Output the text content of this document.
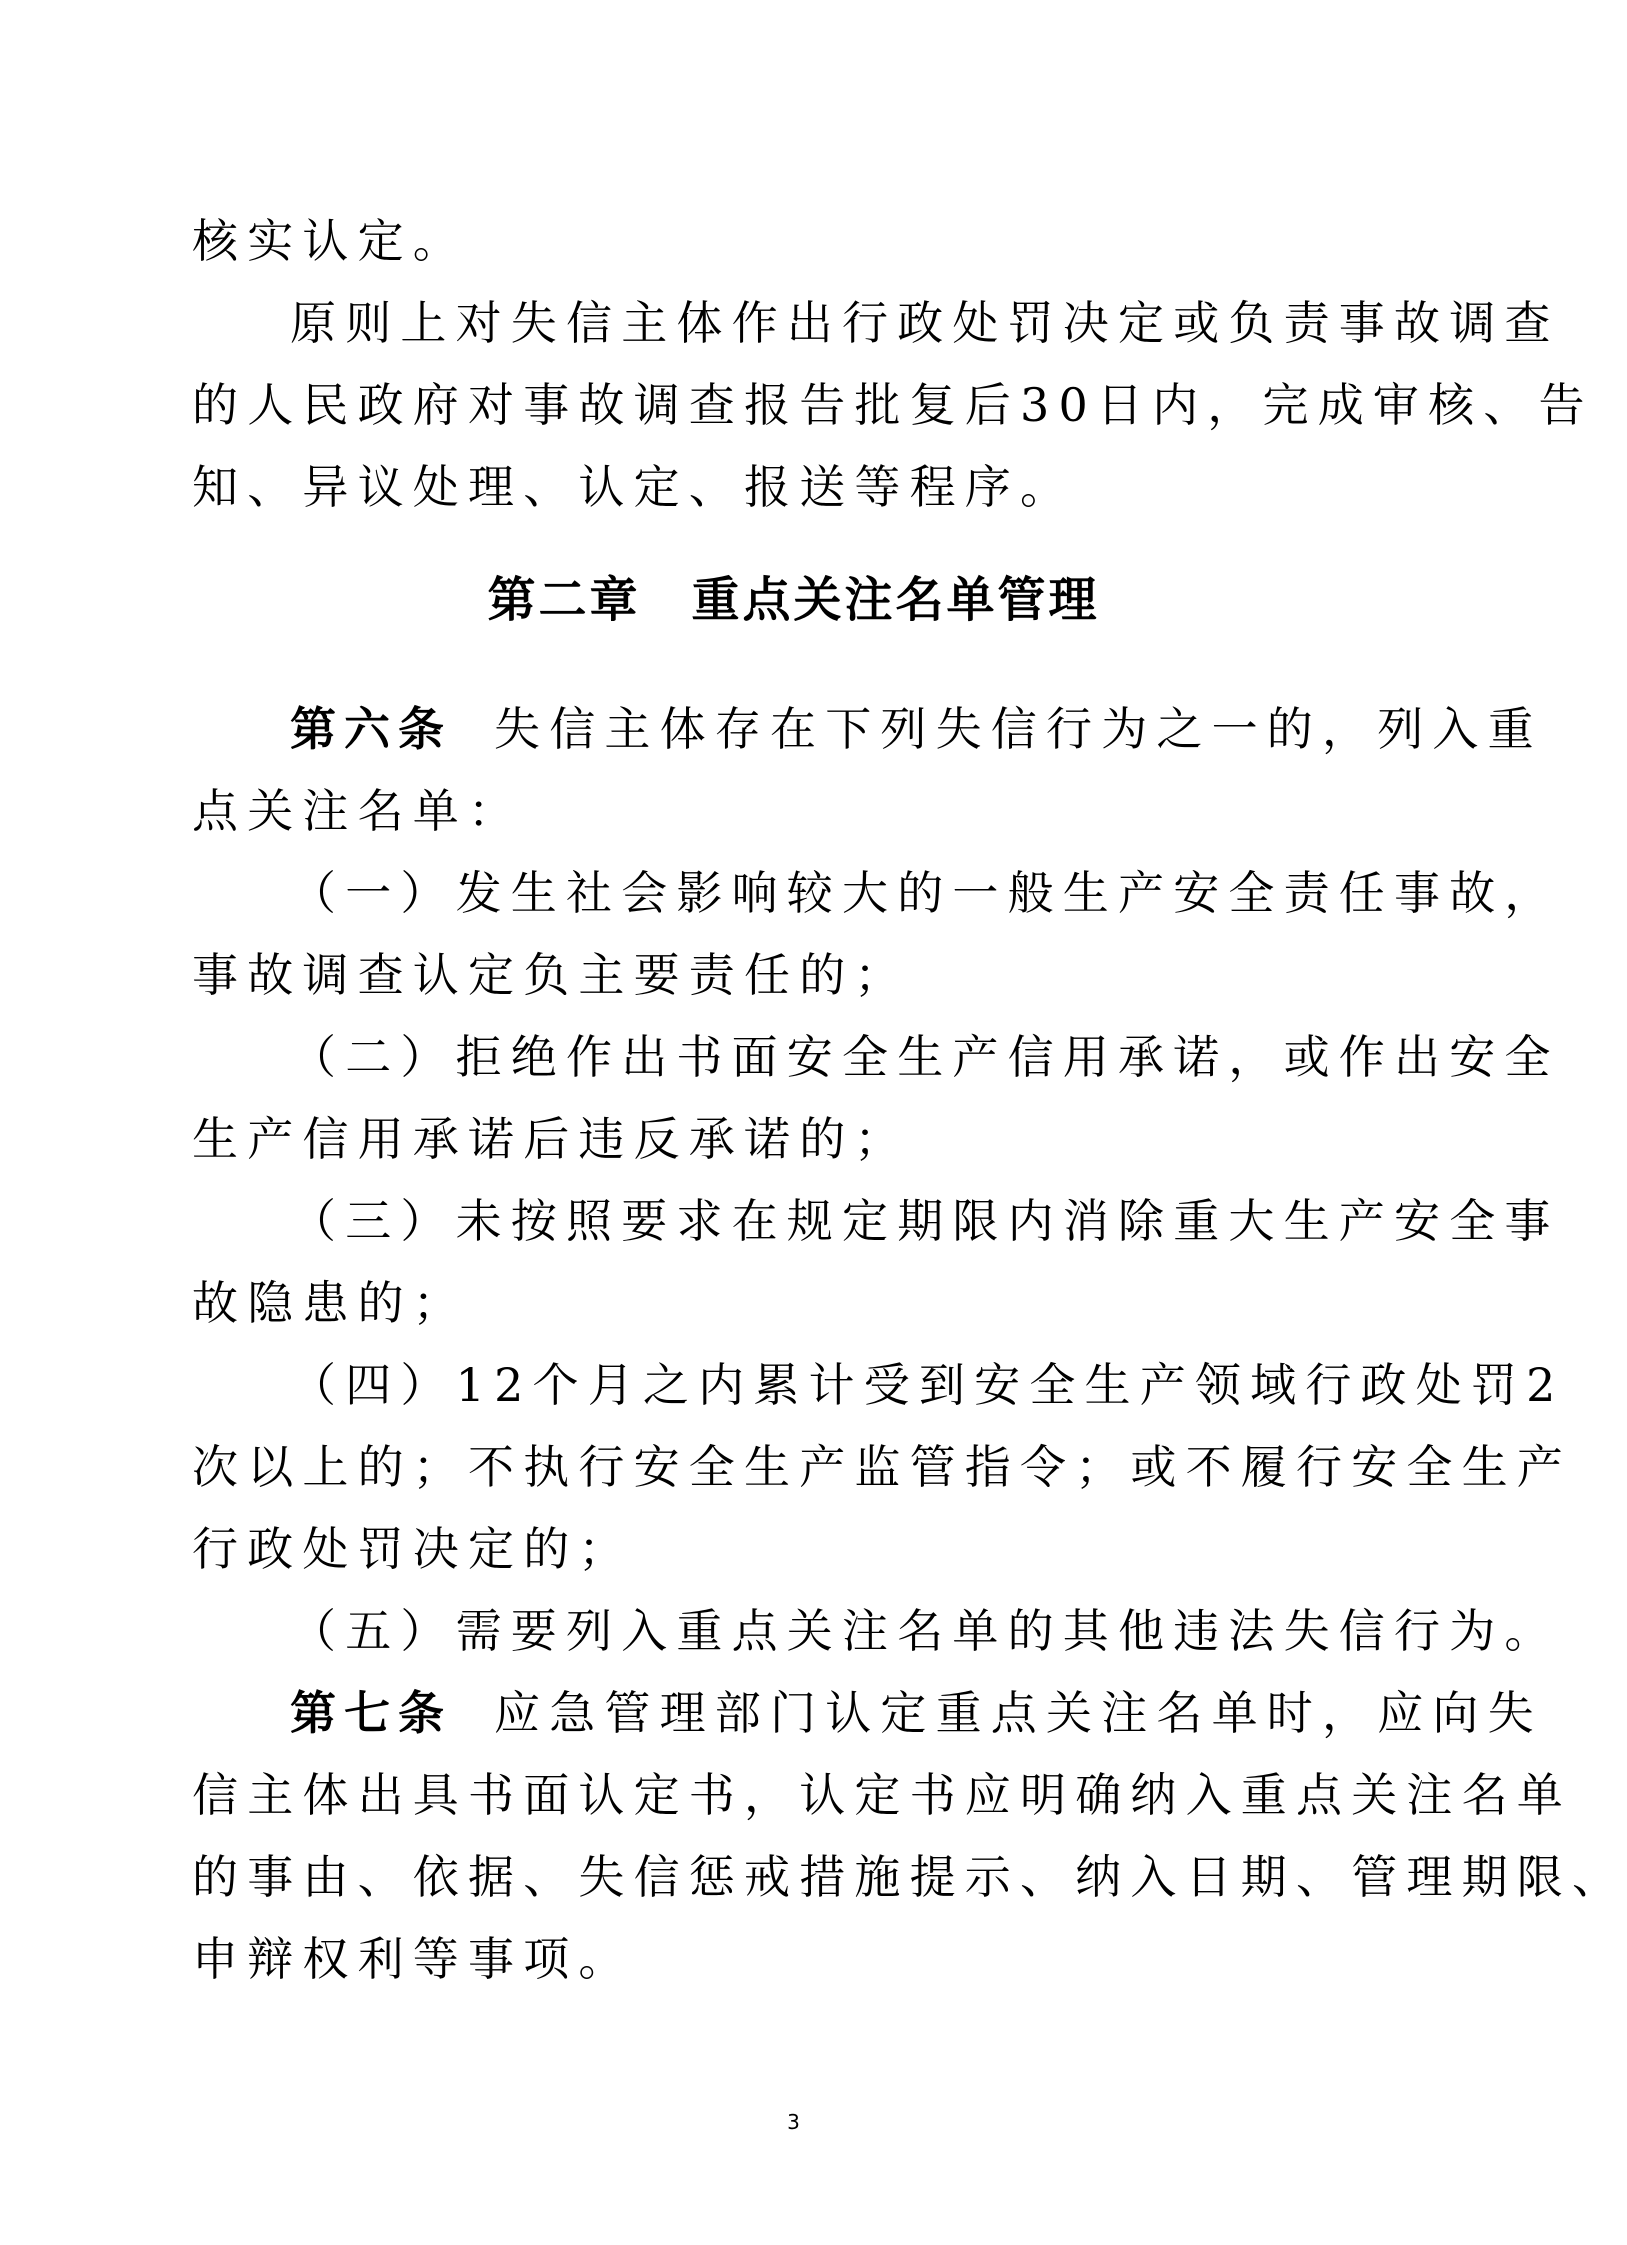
核实认定。
原则上对失信主体作出行政处罚决定或负责事故调查
的人民政府对事故调查报告批复后30日内，完成审核、告
知、异议处理、认定、报送等程序。
第二章　重点关注名单管理
第六条 失信主体存在下列失信行为之一的，列入重
点关注名单：
（一）发生社会影响较大的一般生产安全责任事故，
事故调查认定负主要责任的；
（二）拒绝作出书面安全生产信用承诺，或作出安全
生产信用承诺后违反承诺的；
（三）未按照要求在规定期限内消除重大生产安全事
故隐患的；
（四）12个月之内累计受到安全生产领域行政处罚2
次以上的；不执行安全生产监管指令；或不履行安全生产
行政处罚决定的；
（五）需要列入重点关注名单的其他违法失信行为。
第七条 应急管理部门认定重点关注名单时，应向失
信主体出具书面认定书，认定书应明确纳入重点关注名单
的事由、依据、失信惩戒措施提示、纳入日期、管理期限、
申辩权利等事项。
3
